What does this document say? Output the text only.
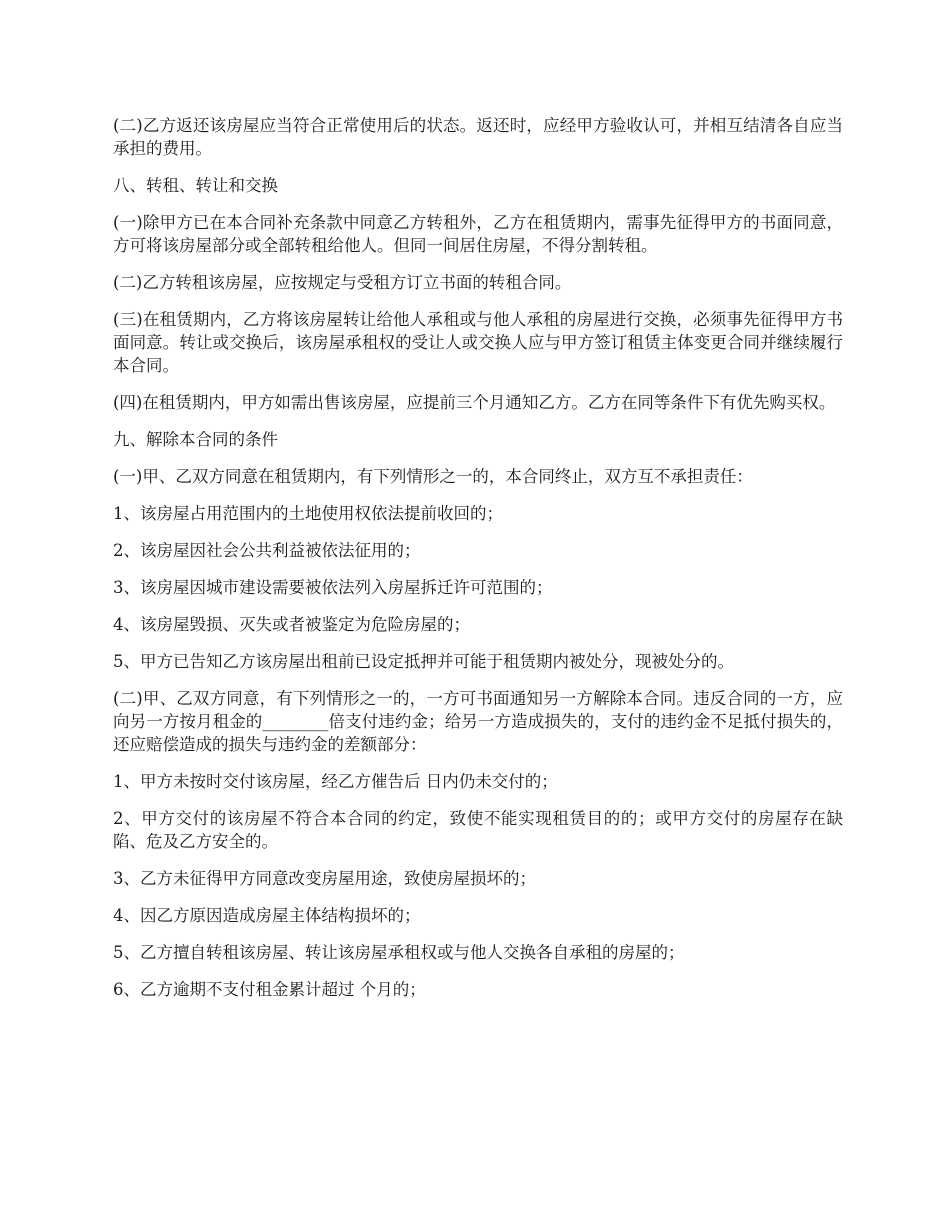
(二)乙方返还该房屋应当符合正常使用后的状态。返还时，应经甲方验收认可，并相互结清各自应当承担的费用。

八、转租、转让和交换

(一)除甲方已在本合同补充条款中同意乙方转租外，乙方在租赁期内，需事先征得甲方的书面同意，方可将该房屋部分或全部转租给他人。但同一间居住房屋，不得分割转租。

(二)乙方转租该房屋，应按规定与受租方订立书面的转租合同。

(三)在租赁期内，乙方将该房屋转让给他人承租或与他人承租的房屋进行交换，必须事先征得甲方书面同意。转让或交换后，该房屋承租权的受让人或交换人应与甲方签订租赁主体变更合同并继续履行本合同。

(四)在租赁期内，甲方如需出售该房屋，应提前三个月通知乙方。乙方在同等条件下有优先购买权。

九、解除本合同的条件

(一)甲、乙双方同意在租赁期内，有下列情形之一的，本合同终止，双方互不承担责任：

1、该房屋占用范围内的土地使用权依法提前收回的；

2、该房屋因社会公共利益被依法征用的；

3、该房屋因城市建设需要被依法列入房屋拆迁许可范围的；

4、该房屋毁损、灭失或者被鉴定为危险房屋的；

5、甲方已告知乙方该房屋出租前已设定抵押并可能于租赁期内被处分，现被处分的。

(二)甲、乙双方同意，有下列情形之一的，一方可书面通知另一方解除本合同。违反合同的一方，应向另一方按月租金的________倍支付违约金；给另一方造成损失的，支付的违约金不足抵付损失的，还应赔偿造成的损失与违约金的差额部分：

1、甲方未按时交付该房屋，经乙方催告后 日内仍未交付的；

2、甲方交付的该房屋不符合本合同的约定，致使不能实现租赁目的的；或甲方交付的房屋存在缺陷、危及乙方安全的。

3、乙方未征得甲方同意改变房屋用途，致使房屋损坏的；

4、因乙方原因造成房屋主体结构损坏的；

5、乙方擅自转租该房屋、转让该房屋承租权或与他人交换各自承租的房屋的；

6、乙方逾期不支付租金累计超过 个月的；
